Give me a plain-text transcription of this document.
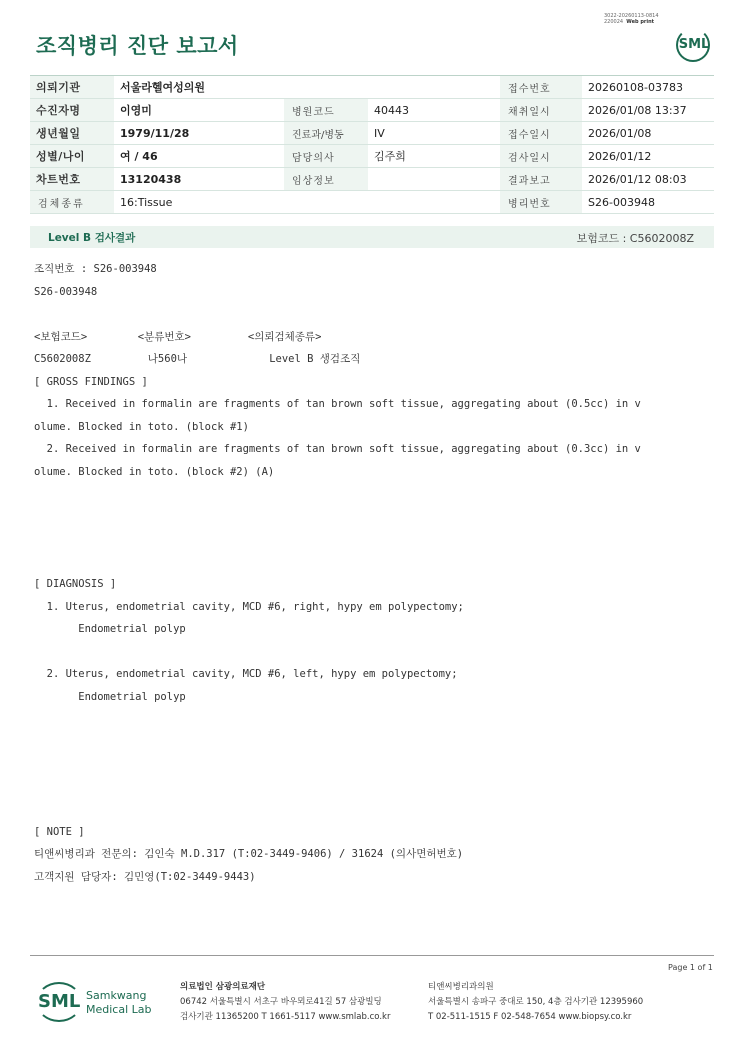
조직병리 진단 보고서
3022-20260113-0814
220024 Web print
SML
의뢰기관	서울라헬여성의원			접수번호	20260108-03783
수진자명	이영미	병원코드	40443	채취일시	2026/01/08 13:37
생년월일	1979/11/28	진료과/병동	IV	접수일시	2026/01/08
성별/나이	여 / 46	담당의사	김주희	검사일시	2026/01/12
차트번호	13120438	임상정보		결과보고	2026/01/12 08:03
검체종류	16:Tissue			병리번호	S26-003948
Level B 검사결과	보험코드 : C5602008Z
조직번호 : S26-003948
S26-003948
<보험코드>        <분류번호>         <의뢰검체종류>
C5602008Z         나560나             Level B 생검조직
[ GROSS FINDINGS ]
1. Received in formalin are fragments of tan brown soft tissue, aggregating about (0.5cc) in v
olume. Blocked in toto. (block #1)
2. Received in formalin are fragments of tan brown soft tissue, aggregating about (0.3cc) in v
olume. Blocked in toto. (block #2) (A)
[ DIAGNOSIS ]
1. Uterus, endometrial cavity, MCD #6, right, hypy em polypectomy;
Endometrial polyp
2. Uterus, endometrial cavity, MCD #6, left, hypy em polypectomy;
Endometrial polyp
[ NOTE ]
티앤씨병리과 전문의: 김인숙 M.D.317 (T:02-3449-9406) / 31624 (의사면허번호)
고객지원 담당자: 김민영(T:02-3449-9443)
Page 1 of 1
SML Samkwang
Medical Lab
의료법인 삼광의료재단
06742 서울특별시 서초구 바우뫼로41길 57 삼광빌딩
검사기관 11365200 T 1661-5117 www.smlab.co.kr
티앤씨병리과의원
서울특별시 송파구 중대로 150, 4층 검사기관 12395960
T 02-511-1515 F 02-548-7654 www.biopsy.co.kr
